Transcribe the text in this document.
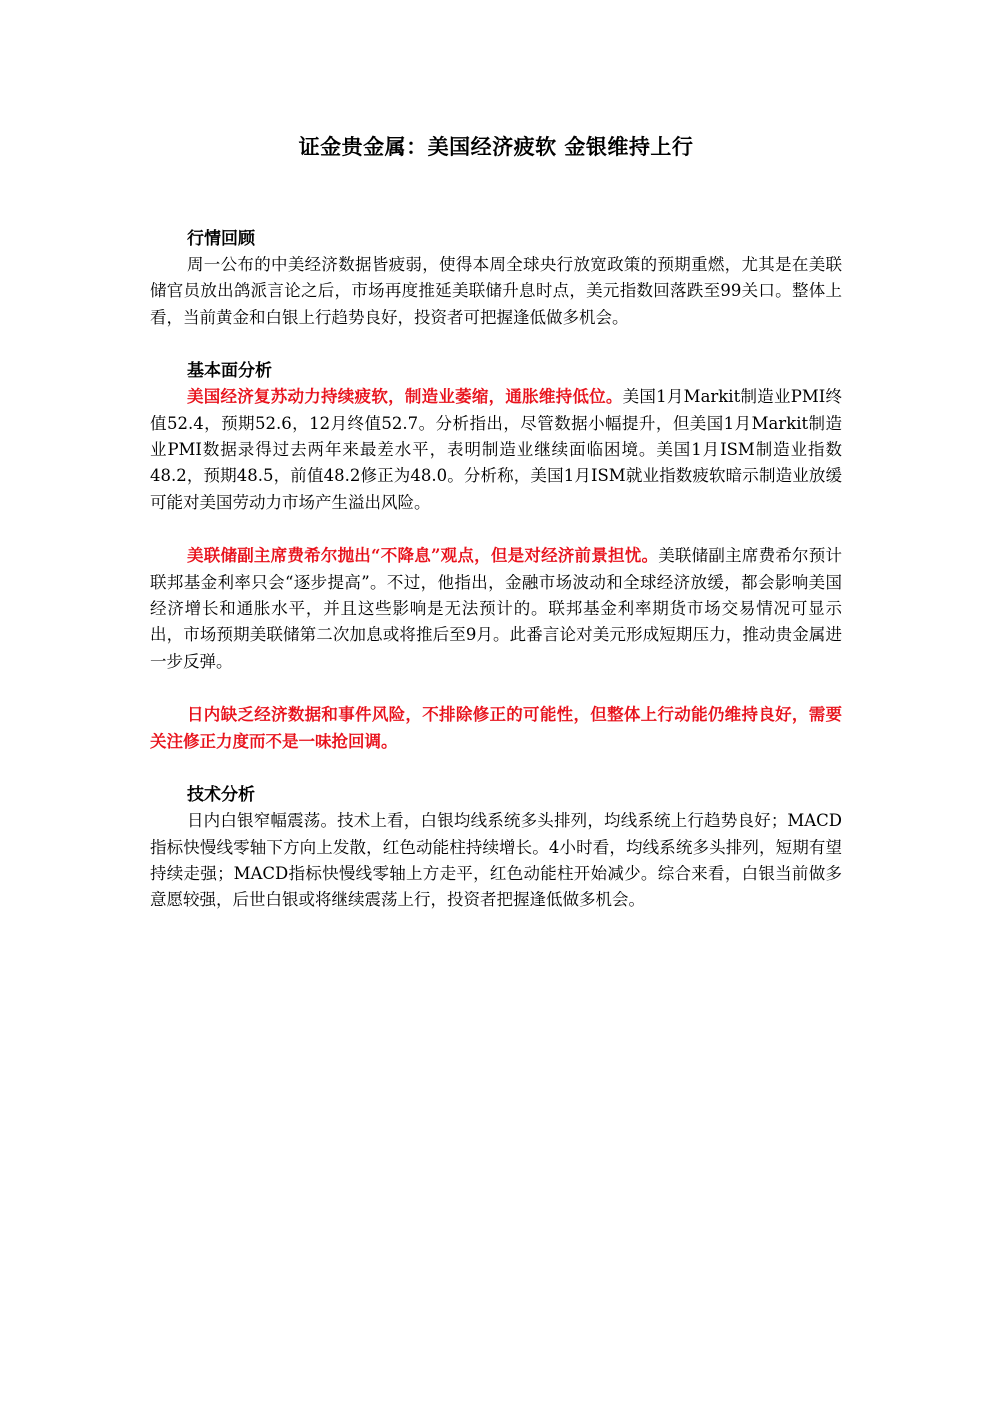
证金贵金属：美国经济疲软 金银维持上行
行情回顾

周一公布的中美经济数据皆疲弱，使得本周全球央行放宽政策的预期重燃，尤其是在美联储官员放出鸽派言论之后，市场再度推延美联储升息时点，美元指数回落跌至99关口。整体上看，当前黄金和白银上行趋势良好，投资者可把握逢低做多机会。

基本面分析

美国经济复苏动力持续疲软，制造业萎缩，通胀维持低位。美国1月Markit制造业PMI终值52.4，预期52.6，12月终值52.7。分析指出，尽管数据小幅提升，但美国1月Markit制造业PMI数据录得过去两年来最差水平，表明制造业继续面临困境。美国1月ISM制造业指数48.2，预期48.5，前值48.2修正为48.0。分析称，美国1月ISM就业指数疲软暗示制造业放缓可能对美国劳动力市场产生溢出风险。

美联储副主席费希尔抛出“不降息”观点，但是对经济前景担忧。美联储副主席费希尔预计联邦基金利率只会“逐步提高”。不过，他指出，金融市场波动和全球经济放缓，都会影响美国经济增长和通胀水平，并且这些影响是无法预计的。联邦基金利率期货市场交易情况可显示出，市场预期美联储第二次加息或将推后至9月。此番言论对美元形成短期压力，推动贵金属进一步反弹。

日内缺乏经济数据和事件风险，不排除修正的可能性，但整体上行动能仍维持良好，需要关注修正力度而不是一味抢回调。

技术分析

日内白银窄幅震荡。技术上看，白银均线系统多头排列，均线系统上行趋势良好；MACD指标快慢线零轴下方向上发散，红色动能柱持续增长。4小时看，均线系统多头排列，短期有望持续走强；MACD指标快慢线零轴上方走平，红色动能柱开始减少。综合来看，白银当前做多意愿较强，后世白银或将继续震荡上行，投资者把握逢低做多机会。
